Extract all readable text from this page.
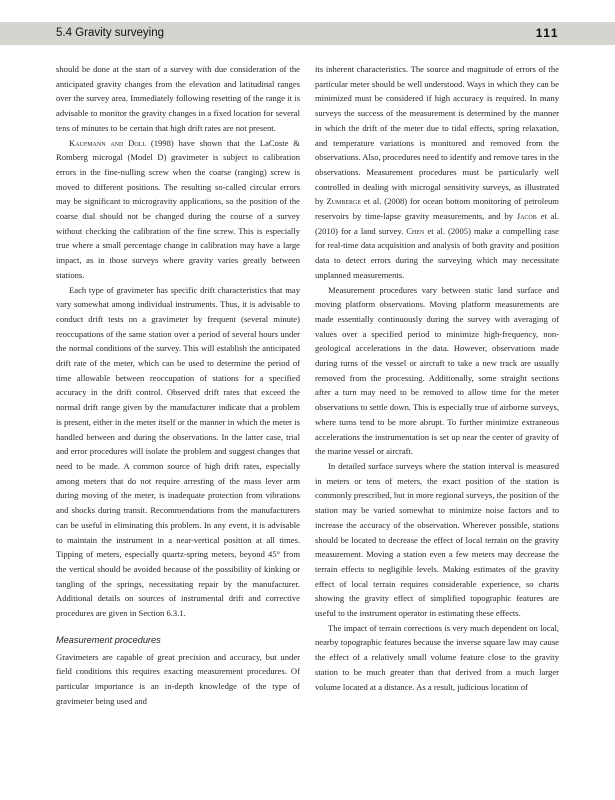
5.4 Gravity surveying	111

should be done at the start of a survey with due consideration of the anticipated gravity changes from the elevation and latitudinal ranges over the survey area. Immediately following resetting of the range it is advisable to monitor the gravity changes in a fixed location for several tens of minutes to be certain that high drift rates are not present.

Kaufmann and Doll (1998) have shown that the LaCoste & Romberg microgal (Model D) gravimeter is subject to calibration errors in the fine-nulling screw when the coarse (ranging) screw is moved to different positions. The resulting so-called circular errors may be significant to microgravity applications, so the position of the coarse dial should not be changed during the course of a survey without checking the calibration of the fine screw. This is especially true where a small percentage change in calibration may have a large impact, as in those surveys where gravity varies greatly between stations.

Each type of gravimeter has specific drift characteristics that may vary somewhat among individual instruments. Thus, it is advisable to conduct drift tests on a gravimeter by frequent (several minute) reoccupations of the same station over a period of several hours under the normal conditions of the survey. This will establish the anticipated drift rate of the meter, which can be used to determine the period of time allowable between reoccupation of stations for a specified accuracy in the drift control. Observed drift rates that exceed the normal drift range given by the manufacturer indicate that a problem is present, either in the meter itself or the manner in which the meter is handled between and during the observations. In the latter case, trial and error procedures will isolate the problem and suggest changes that need to be made. A common source of high drift rates, especially among meters that do not require arresting of the mass lever arm during moving of the meter, is inadequate protection from vibrations and shocks during transit. Recommendations from the manufacturers can be useful in eliminating this problem. In any event, it is advisable to maintain the instrument in a near-vertical position at all times. Tipping of meters, especially quartz-spring meters, beyond 45° from the vertical should be avoided because of the possibility of kinking or tangling of the springs, necessitating repair by the manufacturer. Additional details on sources of instrumental drift and corrective procedures are given in Section 6.3.1.

Measurement procedures

Gravimeters are capable of great precision and accuracy, but under field conditions this requires exacting measurement procedures. Of particular importance is an in-depth knowledge of the type of gravimeter being used and

its inherent characteristics. The source and magnitude of errors of the particular meter should be well understood. Ways in which they can be minimized must be considered if high accuracy is required. In many surveys the success of the measurement is determined by the manner in which the drift of the meter due to tidal effects, spring relaxation, and temperature variations is monitored and removed from the observations. Also, procedures need to identify and remove tares in the observations. Measurement procedures must be particularly well controlled in dealing with microgal sensitivity surveys, as illustrated by Zumberge et al. (2008) for ocean bottom monitoring of petroleum reservoirs by time-lapse gravity measurements, and by Jacob et al. (2010) for a land survey. Chen et al. (2005) make a compelling case for real-time data acquisition and analysis of both gravity and position data to detect errors during the surveying which may necessitate unplanned measurements.

Measurement procedures vary between static land surface and moving platform observations. Moving platform measurements are made essentially continuously during the survey with averaging of values over a specified period to minimize high-frequency, non-geological accelerations in the data. However, observations made during turns of the vessel or aircraft to take a new track are usually removed from the processing. Additionally, some straight sections after a turn may need to be removed to allow time for the meter observations to settle down. This is especially true of airborne surveys, where turns tend to be more abrupt. To further minimize extraneous accelerations the instrumentation is set up near the center of gravity of the marine vessel or aircraft.

In detailed surface surveys where the station interval is measured in meters or tens of meters, the exact position of the station is commonly prescribed, but in more regional surveys, the position of the station may be varied somewhat to minimize noise factors and to increase the accuracy of the observation. Wherever possible, stations should be located to decrease the effect of local terrain on the gravity measurement. Moving a station even a few meters may decrease the terrain effects to negligible levels. Making estimates of the gravity effect of local terrain requires considerable experience, so charts showing the gravity effect of simplified topographic features are useful to the instrument operator in estimating these effects.

The impact of terrain corrections is very much dependent on local, nearby topographic features because the inverse square law may cause the effect of a relatively small volume feature close to the gravity station to be much greater than that derived from a much larger volume located at a distance. As a result, judicious location of
